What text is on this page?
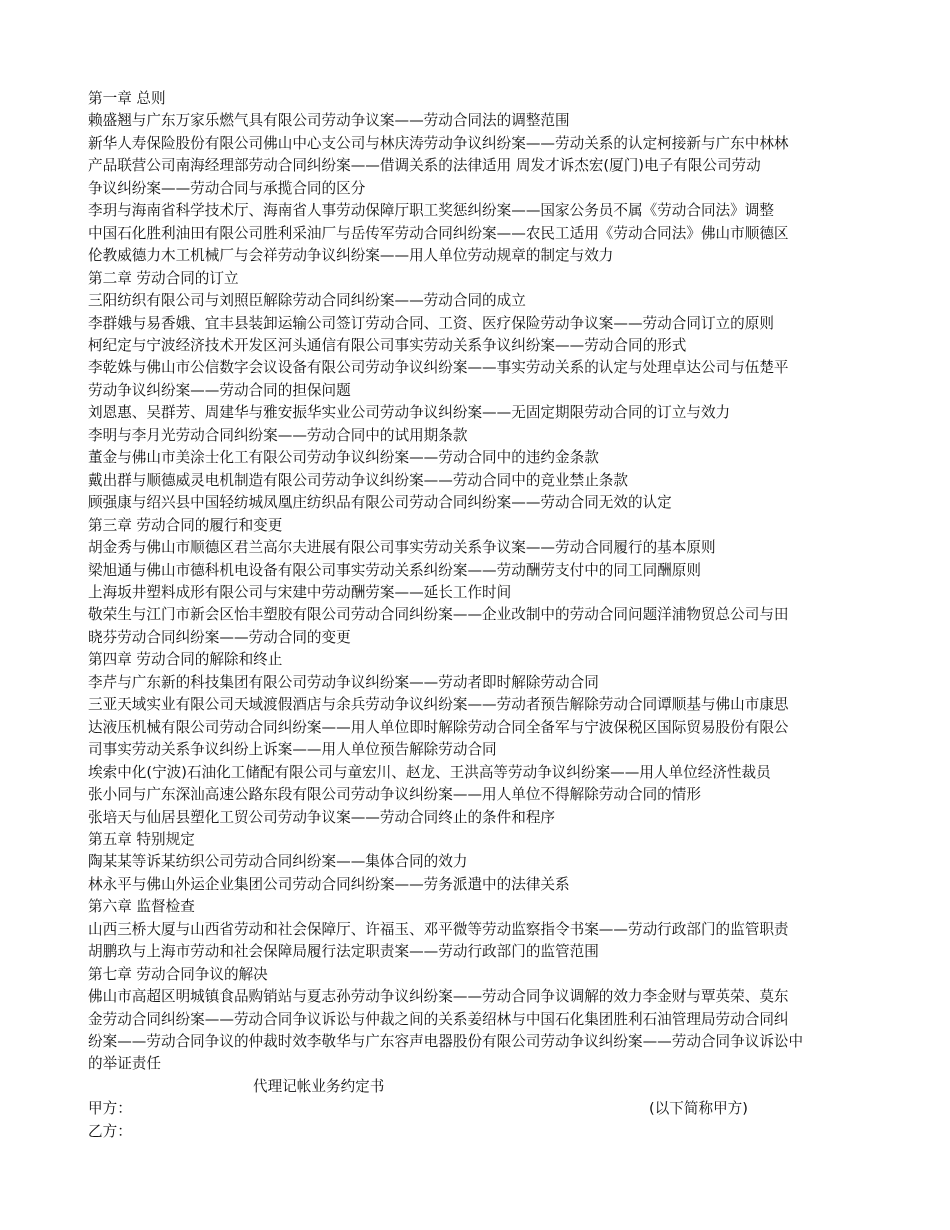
第一章 总则

赖盛翘与广东万家乐燃气具有限公司劳动争议案——劳动合同法的调整范围

新华人寿保险股份有限公司佛山中心支公司与林庆涛劳动争议纠纷案——劳动关系的认定柯接新与广东中林林

产品联营公司南海经理部劳动合同纠纷案——借调关系的法律适用 周发才诉杰宏(厦门)电子有限公司劳动

争议纠纷案——劳动合同与承揽合同的区分

李玥与海南省科学技术厅、海南省人事劳动保障厅职工奖惩纠纷案——国家公务员不属《劳动合同法》调整

中国石化胜利油田有限公司胜利采油厂与岳传军劳动合同纠纷案——农民工适用《劳动合同法》佛山市顺德区

伦教威德力木工机械厂与会祥劳动争议纠纷案——用人单位劳动规章的制定与效力

第二章 劳动合同的订立

三阳纺织有限公司与刘照臣解除劳动合同纠纷案——劳动合同的成立

李群娥与易香娥、宜丰县装卸运输公司签订劳动合同、工资、医疗保险劳动争议案——劳动合同订立的原则

柯纪定与宁波经济技术开发区河头通信有限公司事实劳动关系争议纠纷案——劳动合同的形式

李乾姝与佛山市公信数字会议设备有限公司劳动争议纠纷案——事实劳动关系的认定与处理卓达公司与伍楚平

劳动争议纠纷案——劳动合同的担保问题

刘恩惠、吴群芳、周建华与雅安振华实业公司劳动争议纠纷案——无固定期限劳动合同的订立与效力

李明与李月光劳动合同纠纷案——劳动合同中的试用期条款

董金与佛山市美涂士化工有限公司劳动争议纠纷案——劳动合同中的违约金条款

戴出群与顺德威灵电机制造有限公司劳动争议纠纷案——劳动合同中的竞业禁止条款

顾强康与绍兴县中国轻纺城凤凰庄纺织品有限公司劳动合同纠纷案——劳动合同无效的认定

第三章 劳动合同的履行和变更

胡金秀与佛山市顺德区君兰高尔夫进展有限公司事实劳动关系争议案——劳动合同履行的基本原则

梁旭通与佛山市德科机电设备有限公司事实劳动关系纠纷案——劳动酬劳支付中的同工同酬原则

上海坂井塑料成形有限公司与宋建中劳动酬劳案——延长工作时间

敬荣生与江门市新会区怡丰塑胶有限公司劳动合同纠纷案——企业改制中的劳动合同问题洋浦物贸总公司与田

晓芬劳动合同纠纷案——劳动合同的变更

第四章 劳动合同的解除和终止

李芹与广东新的科技集团有限公司劳动争议纠纷案——劳动者即时解除劳动合同

三亚天域实业有限公司天域渡假酒店与余兵劳动争议纠纷案——劳动者预告解除劳动合同谭顺基与佛山市康思

达液压机械有限公司劳动合同纠纷案——用人单位即时解除劳动合同全备军与宁波保税区国际贸易股份有限公

司事实劳动关系争议纠纷上诉案——用人单位预告解除劳动合同

埃索中化(宁波)石油化工储配有限公司与童宏川、赵龙、王洪高等劳动争议纠纷案——用人单位经济性裁员

张小同与广东深汕高速公路东段有限公司劳动争议纠纷案——用人单位不得解除劳动合同的情形

张培天与仙居县塑化工贸公司劳动争议案——劳动合同终止的条件和程序

第五章 特别规定

陶某某等诉某纺织公司劳动合同纠纷案——集体合同的效力

林永平与佛山外运企业集团公司劳动合同纠纷案——劳务派遣中的法律关系

第六章 监督检查

山西三桥大厦与山西省劳动和社会保障厅、许福玉、邓平微等劳动监察指令书案——劳动行政部门的监管职责

胡鹏玖与上海市劳动和社会保障局履行法定职责案——劳动行政部门的监管范围

第七章 劳动合同争议的解决

佛山市高超区明城镇食品购销站与夏志孙劳动争议纠纷案——劳动合同争议调解的效力李金财与覃英荣、莫东

金劳动合同纠纷案——劳动合同争议诉讼与仲裁之间的关系姜绍林与中国石化集团胜利石油管理局劳动合同纠

纷案——劳动合同争议的仲裁时效李敬华与广东容声电器股份有限公司劳动争议纠纷案——劳动合同争议诉讼中

的举证责任

代理记帐业务约定书

甲方：	(以下简称甲方)
乙方：
